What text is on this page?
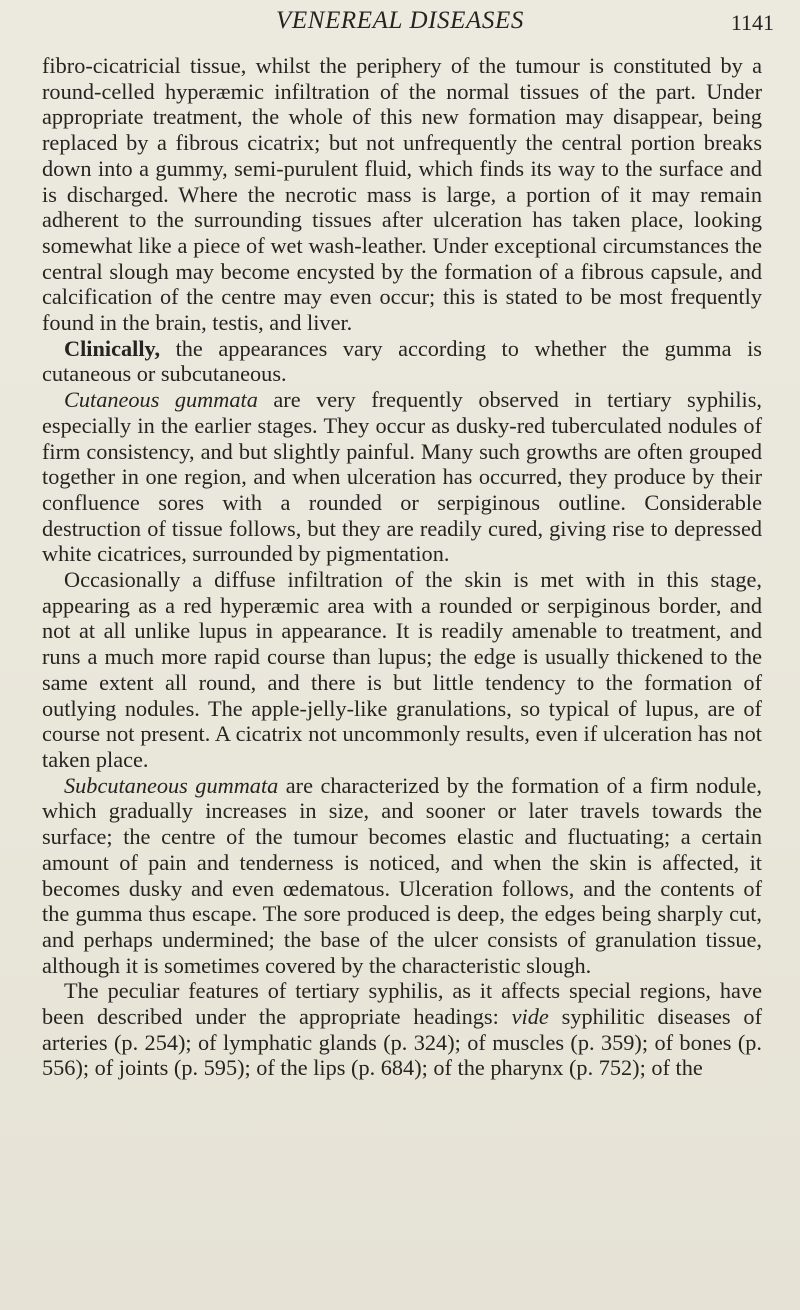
VENEREAL DISEASES	1141

fibro-cicatricial tissue, whilst the periphery of the tumour is constituted by a round-celled hyperæmic infiltration of the normal tissues of the part. Under appropriate treatment, the whole of this new formation may disappear, being replaced by a fibrous cicatrix; but not unfrequently the central portion breaks down into a gummy, semi-purulent fluid, which finds its way to the surface and is discharged. Where the necrotic mass is large, a portion of it may remain adherent to the surrounding tissues after ulceration has taken place, looking somewhat like a piece of wet wash-leather. Under exceptional circumstances the central slough may become encysted by the formation of a fibrous capsule, and calcification of the centre may even occur; this is stated to be most frequently found in the brain, testis, and liver.

Clinically, the appearances vary according to whether the gumma is cutaneous or subcutaneous.

Cutaneous gummata are very frequently observed in tertiary syphilis, especially in the earlier stages. They occur as dusky-red tuberculated nodules of firm consistency, and but slightly painful. Many such growths are often grouped together in one region, and when ulceration has occurred, they produce by their confluence sores with a rounded or serpiginous outline. Considerable destruction of tissue follows, but they are readily cured, giving rise to depressed white cicatrices, surrounded by pigmentation.

Occasionally a diffuse infiltration of the skin is met with in this stage, appearing as a red hyperæmic area with a rounded or serpiginous border, and not at all unlike lupus in appearance. It is readily amenable to treatment, and runs a much more rapid course than lupus; the edge is usually thickened to the same extent all round, and there is but little tendency to the formation of outlying nodules. The apple-jelly-like granulations, so typical of lupus, are of course not present. A cicatrix not uncommonly results, even if ulceration has not taken place.

Subcutaneous gummata are characterized by the formation of a firm nodule, which gradually increases in size, and sooner or later travels towards the surface; the centre of the tumour becomes elastic and fluctuating; a certain amount of pain and tenderness is noticed, and when the skin is affected, it becomes dusky and even œdematous. Ulceration follows, and the contents of the gumma thus escape. The sore produced is deep, the edges being sharply cut, and perhaps undermined; the base of the ulcer consists of granulation tissue, although it is sometimes covered by the characteristic slough.

The peculiar features of tertiary syphilis, as it affects special regions, have been described under the appropriate headings: vide syphilitic diseases of arteries (p. 254); of lymphatic glands (p. 324); of muscles (p. 359); of bones (p. 556); of joints (p. 595); of the lips (p. 684); of the pharynx (p. 752); of the
